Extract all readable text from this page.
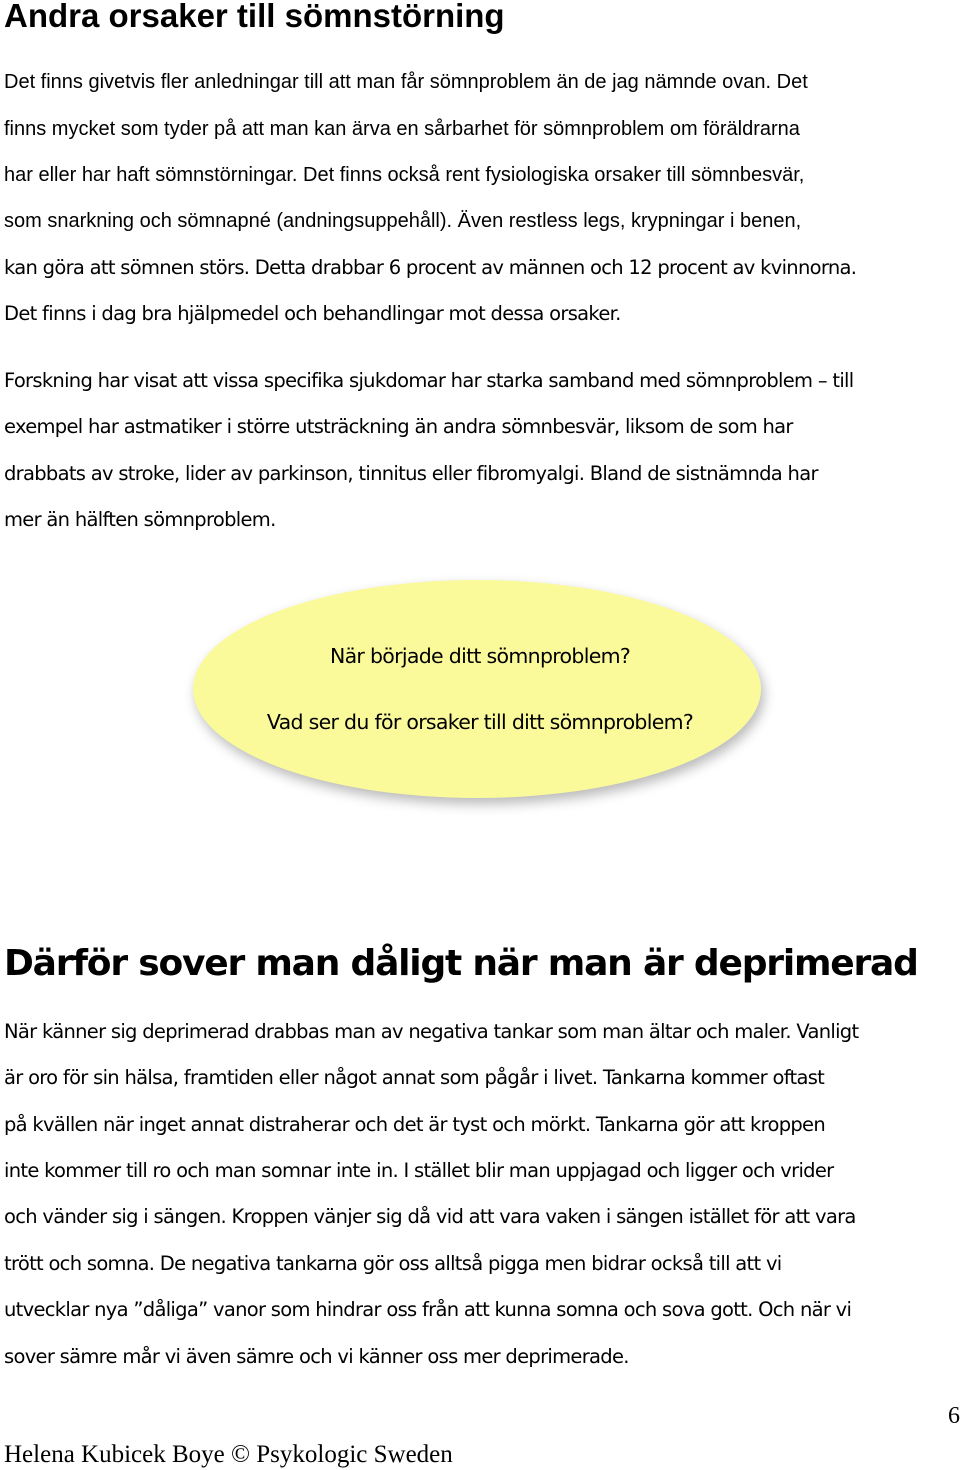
Andra orsaker till sömnstörning
Det finns givetvis fler anledningar till att man får sömnproblem än de jag nämnde ovan. Det
finns mycket som tyder på att man kan ärva en sårbarhet för sömnproblem om föräldrarna
har eller har haft sömnstörningar. Det finns också rent fysiologiska orsaker till sömnbesvär,
som snarkning och sömnapné (andningsuppehåll). Även restless legs, krypningar i benen,
kan göra att sömnen störs. Detta drabbar 6 procent av männen och 12 procent av kvinnorna.
Det finns i dag bra hjälpmedel och behandlingar mot dessa orsaker.
Forskning har visat att vissa specifika sjukdomar har starka samband med sömnproblem – till
exempel har astmatiker i större utsträckning än andra sömnbesvär, liksom de som har
drabbats av stroke, lider av parkinson, tinnitus eller fibromyalgi. Bland de sistnämnda har
mer än hälften sömnproblem.
När började ditt sömnproblem?
Vad ser du för orsaker till ditt sömnproblem?
Därför sover man dåligt när man är deprimerad
När känner sig deprimerad drabbas man av negativa tankar som man ältar och maler. Vanligt
är oro för sin hälsa, framtiden eller något annat som pågår i livet. Tankarna kommer oftast
på kvällen när inget annat distraherar och det är tyst och mörkt. Tankarna gör att kroppen
inte kommer till ro och man somnar inte in. I stället blir man uppjagad och ligger och vrider
och vänder sig i sängen. Kroppen vänjer sig då vid att vara vaken i sängen istället för att vara
trött och somna. De negativa tankarna gör oss alltså pigga men bidrar också till att vi
utvecklar nya ”dåliga” vanor som hindrar oss från att kunna somna och sova gott. Och när vi
sover sämre mår vi även sämre och vi känner oss mer deprimerade.
6
Helena Kubicek Boye © Psykologic Sweden
